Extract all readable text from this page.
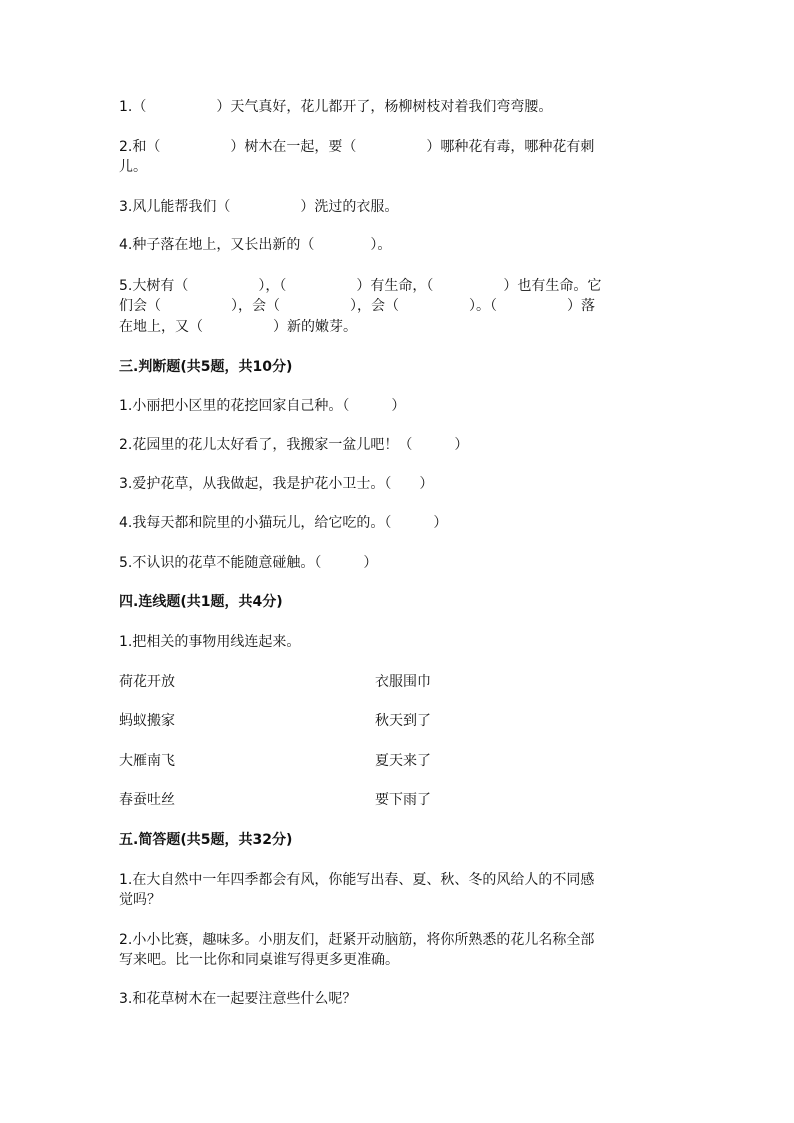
1.（　　　　　）天气真好，花儿都开了，杨柳树枝对着我们弯弯腰。
2.和（　　　　　）树木在一起，要（　　　　　）哪种花有毒，哪种花有刺
儿。
3.风儿能帮我们（　　　　　）洗过的衣服。
4.种子落在地上，又长出新的（　　　　）。
5.大树有（　　　　　），（　　　　　）有生命，（　　　　　）也有生命。它
们会（　　　　　），会（　　　　　），会（　　　　　）。（　　　　　）落
在地上，又（　　　　　）新的嫩芽。
三.判断题(共5题，共10分)
1.小丽把小区里的花挖回家自己种。（　　　）
2.花园里的花儿太好看了，我搬家一盆儿吧！（　　　）
3.爱护花草，从我做起，我是护花小卫士。（　　）
4.我每天都和院里的小猫玩儿，给它吃的。（　　　）
5.不认识的花草不能随意碰触。（　　　）
四.连线题(共1题，共4分)
1.把相关的事物用线连起来。
荷花开放	衣服围巾
蚂蚁搬家	秋天到了
大雁南飞	夏天来了
春蚕吐丝	要下雨了
五.简答题(共5题，共32分)
1.在大自然中一年四季都会有风，你能写出春、夏、秋、冬的风给人的不同感
觉吗？
2.小小比赛，趣味多。小朋友们，赶紧开动脑筋，将你所熟悉的花儿名称全部
写来吧。比一比你和同桌谁写得更多更准确。
3.和花草树木在一起要注意些什么呢？
